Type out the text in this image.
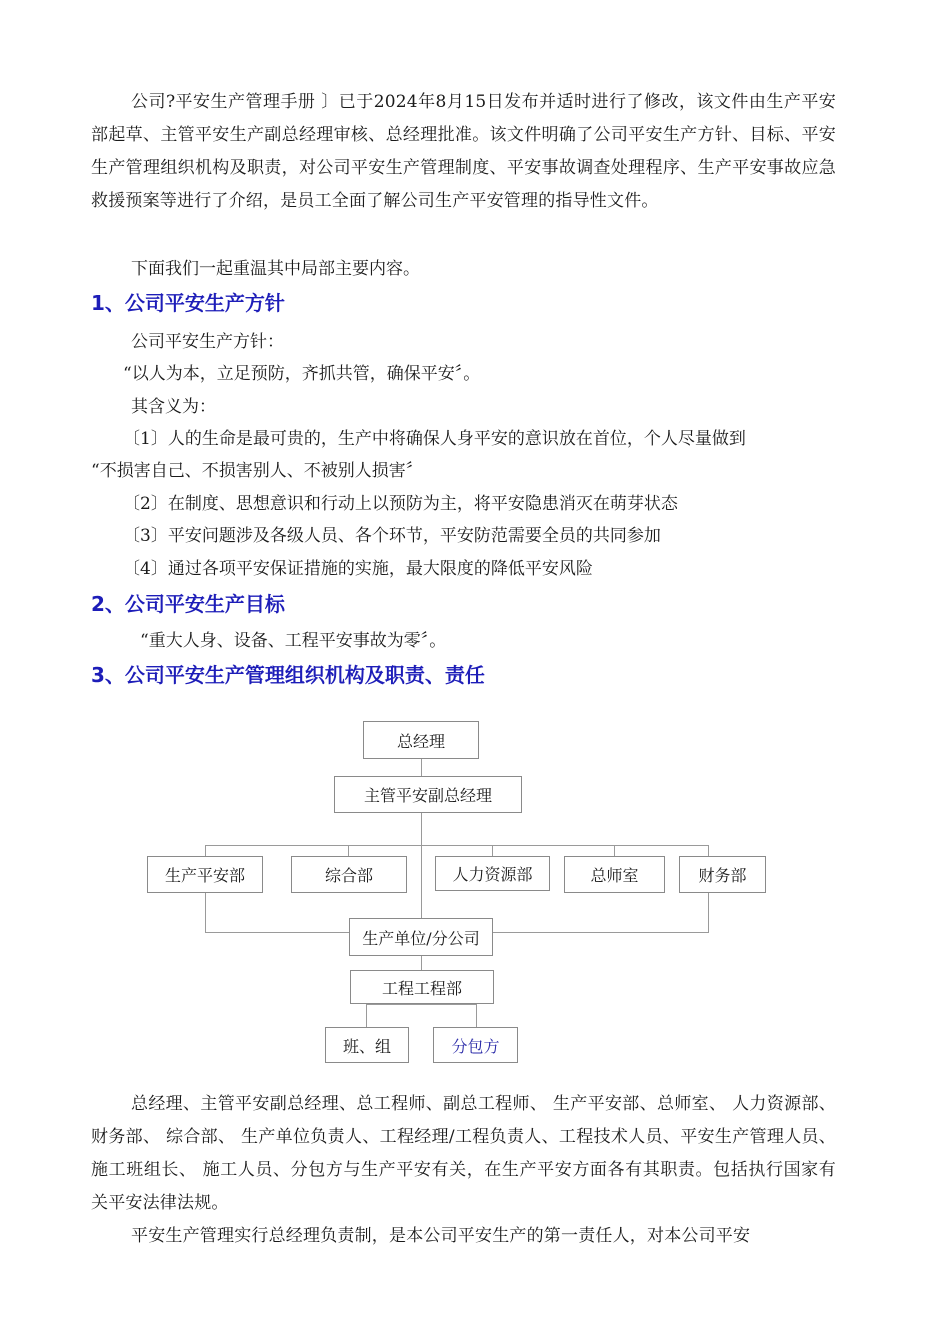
公司?平安生产管理手册 〕已于2024年8月15日发布并适时进行了修改，该文件由生产平安部起草、主管平安生产副总经理审核、总经理批准。该文件明确了公司平安生产方针、目标、平安生产管理组织机构及职责，对公司平安生产管理制度、平安事故调查处理程序、生产平安事故应急救援预案等进行了介绍，是员工全面了解公司生产平安管理的指导性文件。

下面我们一起重温其中局部主要内容。
1、公司平安生产方针
公司平安生产方针：
“以人为本，立足预防，齐抓共管，确保平安〞。
其含义为：
〔1〕人的生命是最可贵的，生产中将确保人身平安的意识放在首位，个人尽量做到
“不损害自己、不损害别人、不被别人损害〞
〔2〕在制度、思想意识和行动上以预防为主，将平安隐患消灭在萌芽状态
〔3〕平安问题涉及各级人员、各个环节，平安防范需要全员的共同参加
〔4〕通过各项平安保证措施的实施，最大限度的降低平安风险
2、公司平安生产目标
“重大人身、设备、工程平安事故为零〞。
3、公司平安生产管理组织机构及职责、责任
总经理
主管平安副总经理
生产平安部	综合部	人力资源部	总师室	财务部
生产单位/分公司
工程工程部
班、组	分包方

总经理、主管平安副总经理、总工程师、副总工程师、 生产平安部、总师室、 人力资源部、 财务部、 综合部、 生产单位负责人、工程经理/工程负责人、工程技术人员、平安生产管理人员、 施工班组长、 施工人员、分包方与生产平安有关，在生产平安方面各有其职责。包括执行国家有关平安法律法规。

平安生产管理实行总经理负责制，是本公司平安生产的第一责任人，对本公司平安
